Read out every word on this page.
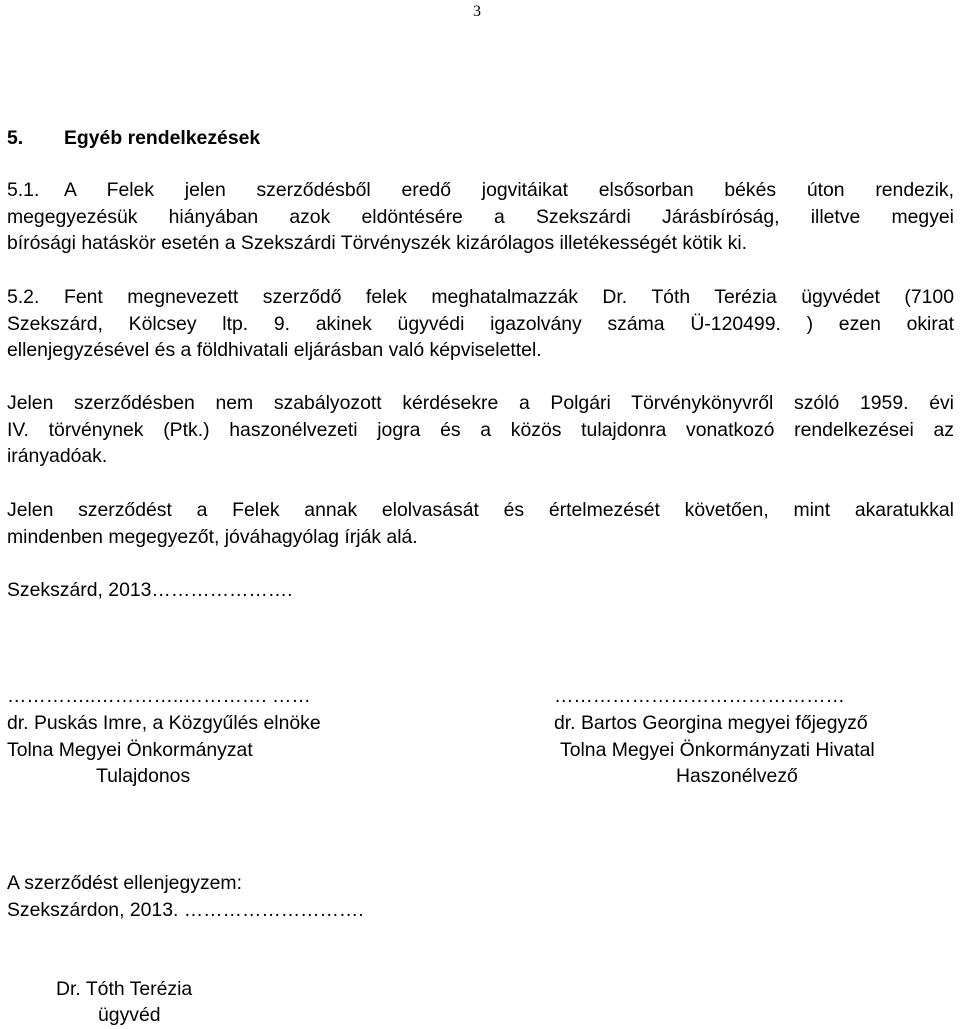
3
5. Egyéb rendelkezések
5.1. A Felek jelen szerződésből eredő jogvitáikat elsősorban békés úton rendezik,
megegyezésük hiányában azok eldöntésére a Szekszárdi Járásbíróság, illetve megyei
bírósági hatáskör esetén a Szekszárdi Törvényszék kizárólagos illetékességét kötik ki.
5.2. Fent megnevezett szerződő felek meghatalmazzák Dr. Tóth Terézia ügyvédet (7100
Szekszárd, Kölcsey ltp. 9. akinek ügyvédi igazolvány száma Ü-120499. ) ezen okirat
ellenjegyzésével és a földhivatali eljárásban való képviselettel.
Jelen szerződésben nem szabályozott kérdésekre a Polgári Törvénykönyvről szóló 1959. évi
IV. törvénynek (Ptk.) haszonélvezeti jogra és a közös tulajdonra vonatkozó rendelkezései az
irányadóak.
Jelen szerződést a Felek annak elolvasását és értelmezését követően, mint akaratukkal
mindenben megegyezőt, jóváhagyólag írják alá.
Szekszárd, 2013………………….
…………..…………..…………. ……
dr. Puskás Imre, a Közgyűlés elnöke
Tolna Megyei Önkormányzat
Tulajdonos
………………………………………
dr. Bartos Georgina megyei főjegyző
Tolna Megyei Önkormányzati Hivatal
Haszonélvező
A szerződést ellenjegyzem:
Szekszárdon, 2013. ……………………….
Dr. Tóth Terézia
ügyvéd
